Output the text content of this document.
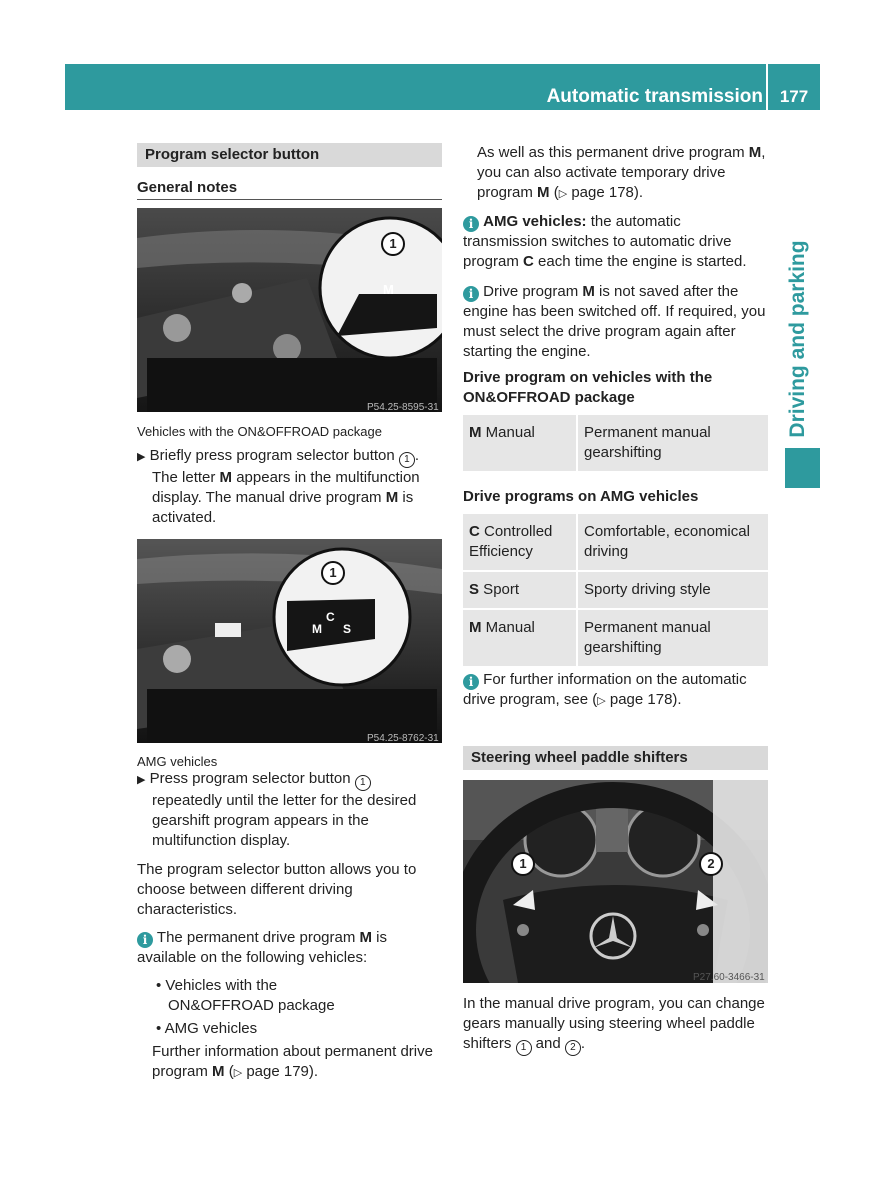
Automatic transmission 177
Driving and parking
Program selector button
General notes
1
M
P54.25-8595-31
Vehicles with the ON&OFFROAD package
▶ Briefly press program selector button 1 .
The letter M appears in the multifunction display. The manual drive program M is activated.
1
C
M S
P54.25-8762-31
AMG vehicles
▶ Press program selector button 1
repeatedly until the letter for the desired gearshift program appears in the multifunction display.
The program selector button allows you to choose between different driving characteristics.
i The permanent drive program M is available on the following vehicles:
• Vehicles with the
ON&OFFROAD package
• AMG vehicles
Further information about permanent drive program M (▷ page 179).
As well as this permanent drive program M, you can also activate temporary drive program M (▷ page 178).
i AMG vehicles: the automatic transmission switches to automatic drive program C each time the engine is started.
i Drive program M is not saved after the engine has been switched off. If required, you must select the drive program again after starting the engine.
Drive program on vehicles with the
ON&OFFROAD package
M Manual	Permanent manual gearshifting
Drive programs on AMG vehicles
C Controlled Efficiency	Comfortable, economical driving
S Sport	Sporty driving style
M Manual	Permanent manual gearshifting
i For further information on the automatic drive program, see (▷ page 178).
Steering wheel paddle shifters
1	2
P27.60-3466-31
In the manual drive program, you can change gears manually using steering wheel paddle shifters 1 and 2 .
